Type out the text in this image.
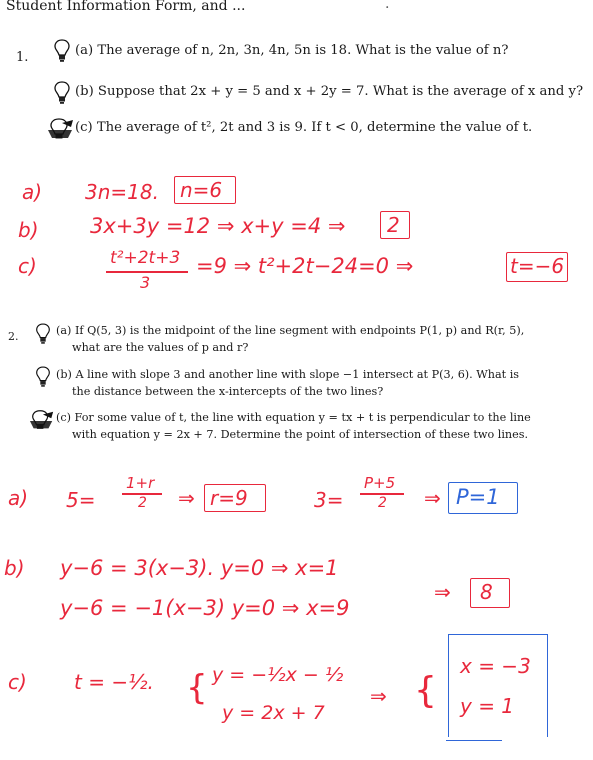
Student Information Form, and ...	.
1.	(a) The average of n, 2n, 3n, 4n, 5n is 18. What is the value of n?
(b) Suppose that 2x + y = 5 and x + 2y = 7. What is the average of x and y?
(c) The average of t², 2t and 3 is 9. If t < 0, determine the value of t.
a) 3n=18. n=6
b) 3x+3y =12 ⇒ x+y =4 ⇒ 2
c)	t²+2t+3
3
=9 ⇒ t²+2t−24=0 ⇒	t=−6
2.	(a) If Q(5, 3) is the midpoint of the line segment with endpoints P(1, p) and R(r, 5),
what are the values of p and r?
(b) A line with slope 3 and another line with slope −1 intersect at P(3, 6). What is
the distance between the x-intercepts of the two lines?
(c) For some value of t, the line with equation y = tx + t is perpendicular to the line
with equation y = 2x + 7. Determine the point of intersection of these two lines.
a) 5=
1+r
2 ⇒ r=9	3=
P+5
2 ⇒ P=1
b) y−6 = 3(x−3). y=0 ⇒ x=1
y−6 = −1(x−3) y=0 ⇒ x=9
⇒ 8
c) t = −½. { y = −½x − ½
y = 2x + 7
⇒ {
x = −3
y = 1
